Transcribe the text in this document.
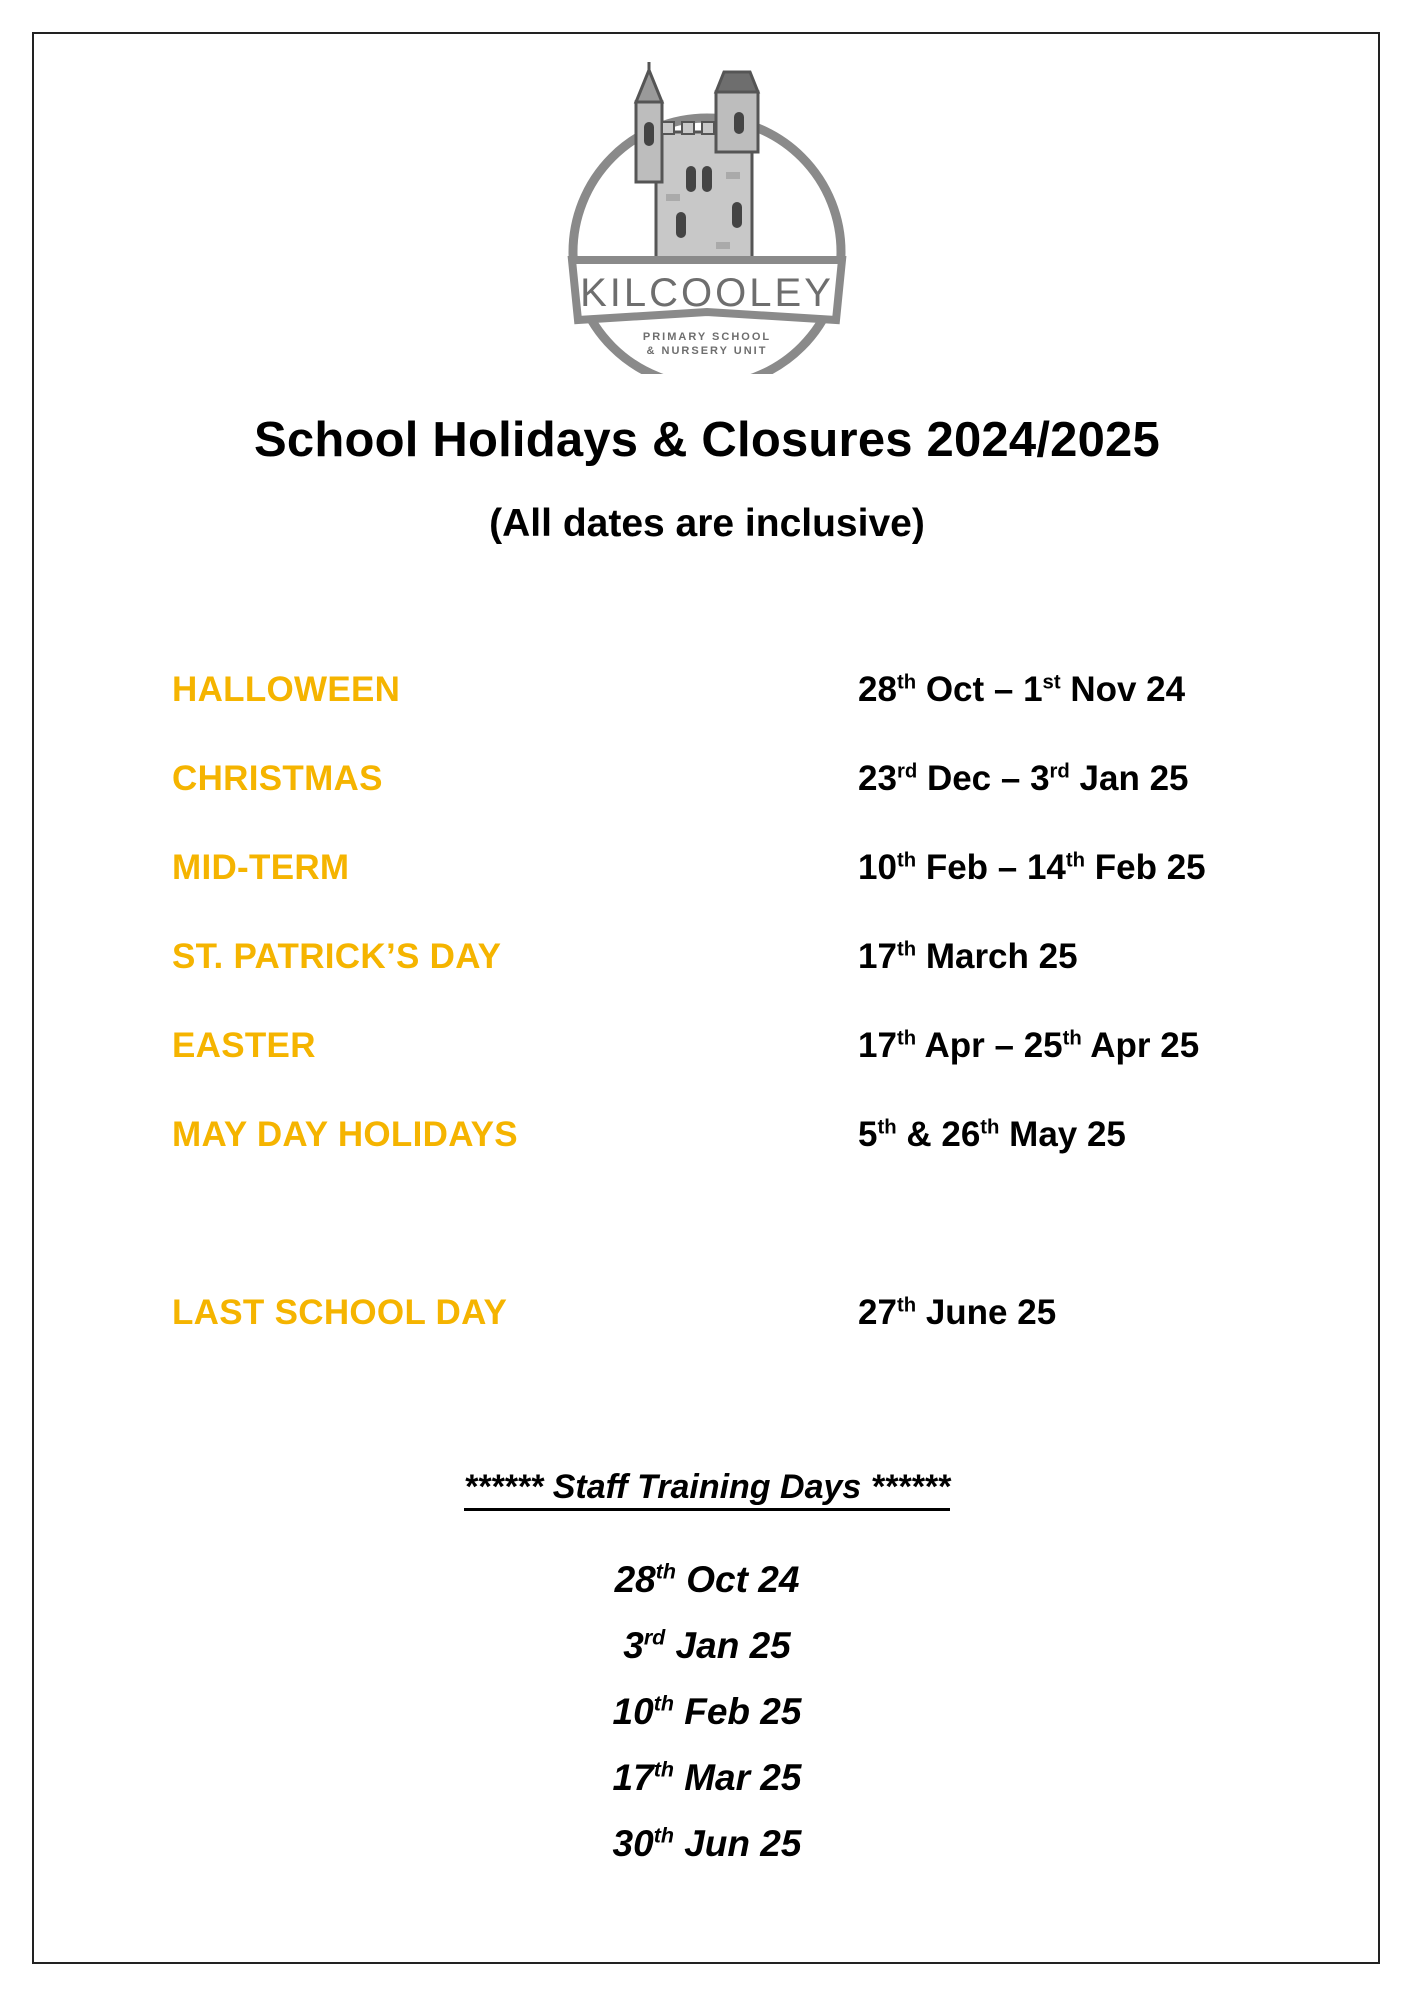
KILCOOLEY
PRIMARY SCHOOL
& NURSERY UNIT
School Holidays & Closures 2024/2025
(All dates are inclusive)
HALLOWEEN	28th Oct – 1st Nov 24
CHRISTMAS	23rd Dec – 3rd Jan 25
MID-TERM	10th Feb – 14th Feb 25
ST. PATRICK’S DAY	17th March 25
EASTER	17th Apr – 25th Apr 25
MAY DAY HOLIDAYS	5th & 26th May 25
LAST SCHOOL DAY	27th June 25
****** Staff Training Days ******
28th Oct 24
3rd Jan 25
10th Feb 25
17th Mar 25
30th Jun 25
